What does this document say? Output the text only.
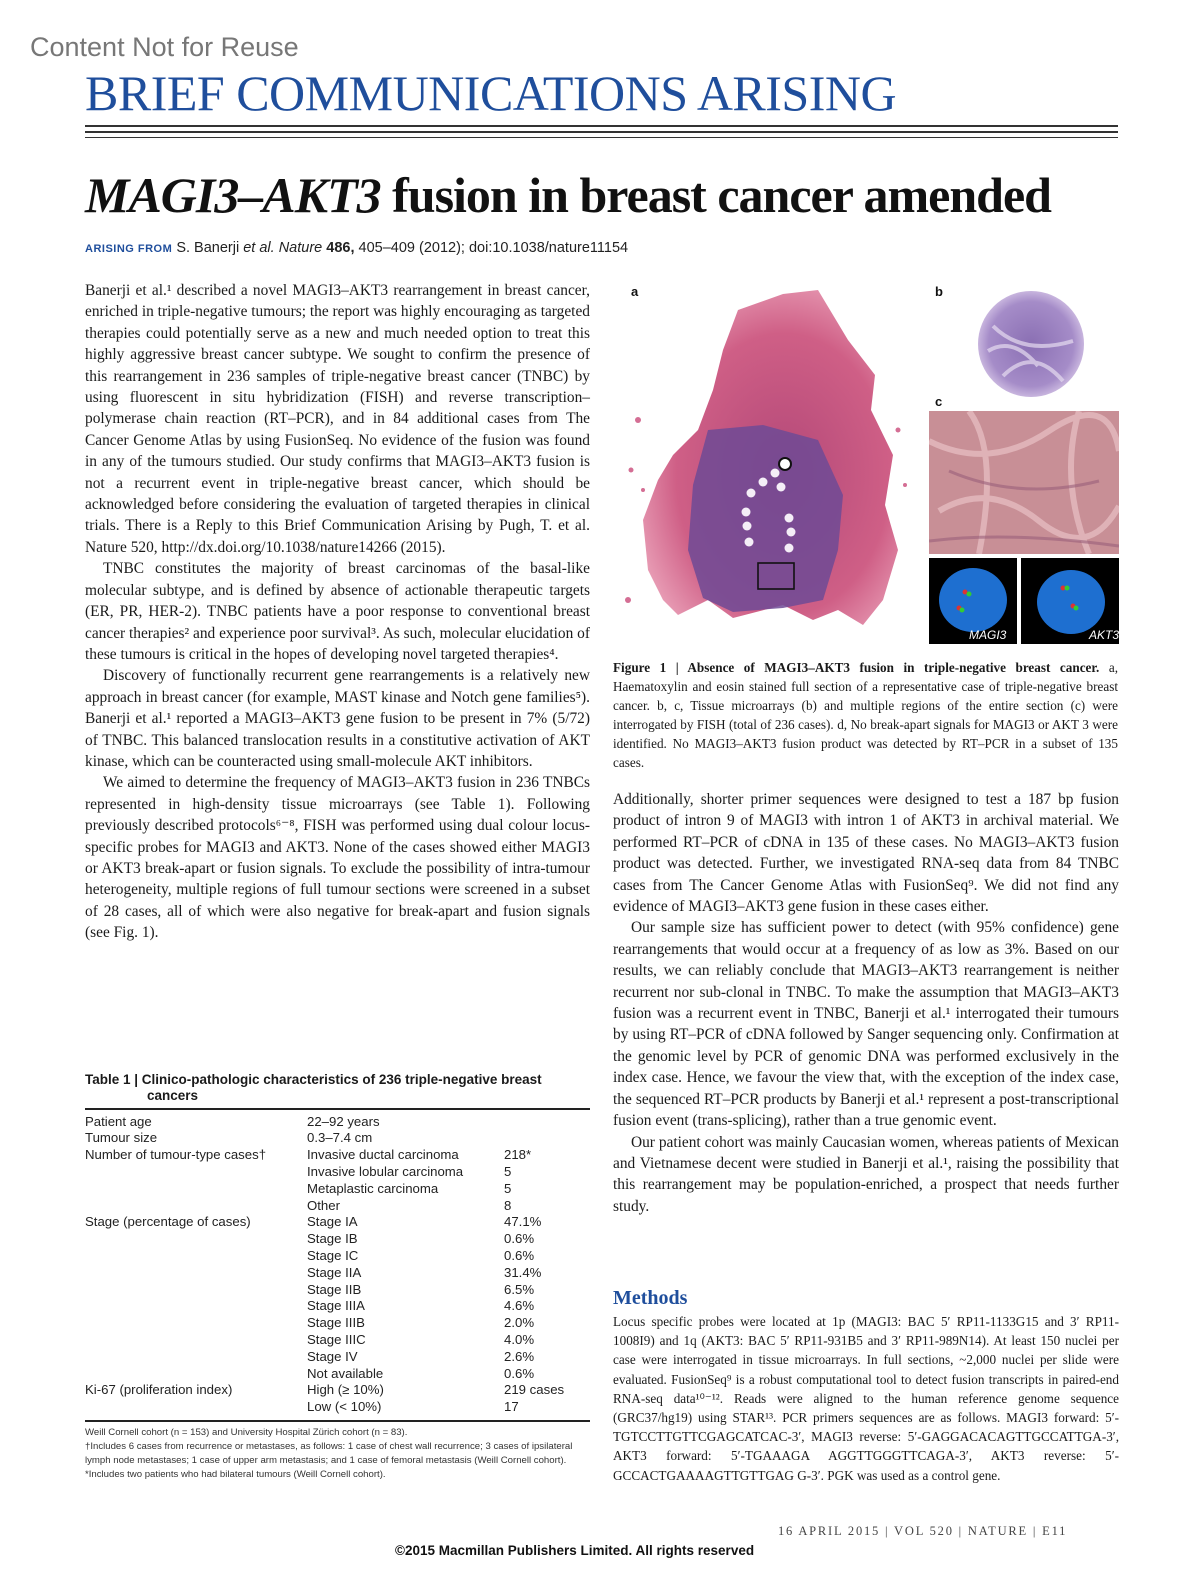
Content Not for Reuse
BRIEF COMMUNICATIONS ARISING
MAGI3–AKT3 fusion in breast cancer amended
ARISING FROM S. Banerji et al. Nature 486, 405–409 (2012); doi:10.1038/nature11154

Banerji et al.¹ described a novel MAGI3–AKT3 rearrangement in breast cancer, enriched in triple-negative tumours; the report was highly encouraging as targeted therapies could potentially serve as a new and much needed option to treat this highly aggressive breast cancer subtype. We sought to confirm the presence of this rearrangement in 236 samples of triple-negative breast cancer (TNBC) by using fluorescent in situ hybridization (FISH) and reverse transcription–polymerase chain reaction (RT–PCR), and in 84 additional cases from The Cancer Genome Atlas by using FusionSeq. No evidence of the fusion was found in any of the tumours studied. Our study confirms that MAGI3–AKT3 fusion is not a recurrent event in triple-negative breast cancer, which should be acknowledged before considering the evaluation of targeted therapies in clinical trials. There is a Reply to this Brief Communication Arising by Pugh, T. et al. Nature 520, http://dx.doi.org/10.1038/nature14266 (2015).

TNBC constitutes the majority of breast carcinomas of the basal-like molecular subtype, and is defined by absence of actionable therapeutic targets (ER, PR, HER-2). TNBC patients have a poor response to conventional breast cancer therapies² and experience poor survival³. As such, molecular elucidation of these tumours is critical in the hopes of developing novel targeted therapies⁴.

Discovery of functionally recurrent gene rearrangements is a relatively new approach in breast cancer (for example, MAST kinase and Notch gene families⁵). Banerji et al.¹ reported a MAGI3–AKT3 gene fusion to be present in 7% (5/72) of TNBC. This balanced translocation results in a constitutive activation of AKT kinase, which can be counteracted using small-molecule AKT inhibitors.

We aimed to determine the frequency of MAGI3–AKT3 fusion in 236 TNBCs represented in high-density tissue microarrays (see Table 1). Following previously described protocols⁶⁻⁸, FISH was performed using dual colour locus-specific probes for MAGI3 and AKT3. None of the cases showed either MAGI3 or AKT3 break-apart or fusion signals. To exclude the possibility of intra-tumour heterogeneity, multiple regions of full tumour sections were screened in a subset of 28 cases, all of which were also negative for break-apart and fusion signals (see Fig. 1).

a	b
c
MAGI3	AKT3
Figure 1 | Absence of MAGI3–AKT3 fusion in triple-negative breast cancer. a, Haematoxylin and eosin stained full section of a representative case of triple-negative breast cancer. b, c, Tissue microarrays (b) and multiple regions of the entire section (c) were interrogated by FISH (total of 236 cases). d, No break-apart signals for MAGI3 or AKT 3 were identified. No MAGI3–AKT3 fusion product was detected by RT–PCR in a subset of 135 cases.

Additionally, shorter primer sequences were designed to test a 187 bp fusion product of intron 9 of MAGI3 with intron 1 of AKT3 in archival material. We performed RT–PCR of cDNA in 135 of these cases. No MAGI3–AKT3 fusion product was detected. Further, we investigated RNA-seq data from 84 TNBC cases from The Cancer Genome Atlas with FusionSeq⁹. We did not find any evidence of MAGI3–AKT3 gene fusion in these cases either.

Our sample size has sufficient power to detect (with 95% confidence) gene rearrangements that would occur at a frequency of as low as 3%. Based on our results, we can reliably conclude that MAGI3–AKT3 rearrangement is neither recurrent nor sub-clonal in TNBC. To make the assumption that MAGI3–AKT3 fusion was a recurrent event in TNBC, Banerji et al.¹ interrogated their tumours by using RT–PCR of cDNA followed by Sanger sequencing only. Confirmation at the genomic level by PCR of genomic DNA was performed exclusively in the index case. Hence, we favour the view that, with the exception of the index case, the sequenced RT–PCR products by Banerji et al.¹ represent a post-transcriptional fusion event (trans-splicing), rather than a true genomic event.

Our patient cohort was mainly Caucasian women, whereas patients of Mexican and Vietnamese decent were studied in Banerji et al.¹, raising the possibility that this rearrangement may be population-enriched, a prospect that needs further study.

Methods
Locus specific probes were located at 1p (MAGI3: BAC 5′ RP11-1133G15 and 3′ RP11-1008I9) and 1q (AKT3: BAC 5′ RP11-931B5 and 3′ RP11-989N14). At least 150 nuclei per case were interrogated in tissue microarrays. In full sections, ~2,000 nuclei per slide were evaluated. FusionSeq⁹ is a robust computational tool to detect fusion transcripts in paired-end RNA-seq data¹⁰⁻¹². Reads were aligned to the human reference genome sequence (GRC37/hg19) using STAR¹³. PCR primers sequences are as follows. MAGI3 forward: 5′-TGTCCTTGTTCGAGCATCAC-3′, MAGI3 reverse: 5′-GAGGACACAGTTGCCATTGA-3′, AKT3 forward: 5′-TGAAAGA AGGTTGGGTTCAGA-3′, AKT3 reverse: 5′-GCCACTGAAAAGTTGTTGAG G-3′. PGK was used as a control gene.
Table 1 | Clinico-pathologic characteristics of 236 triple-negative breast
cancers
Patient age	22–92 years
Tumour size	0.3–7.4 cm
Number of tumour-type cases†	Invasive ductal carcinoma	218*
Invasive lobular carcinoma	5
Metaplastic carcinoma	5
Other	8
Stage (percentage of cases)	Stage IA	47.1%
Stage IB	0.6%
Stage IC	0.6%
Stage IIA	31.4%
Stage IIB	6.5%
Stage IIIA	4.6%
Stage IIIB	2.0%
Stage IIIC	4.0%
Stage IV	2.6%
Not available	0.6%
Ki-67 (proliferation index)	High (≥ 10%)	219 cases
Low (< 10%)	17
Weill Cornell cohort (n = 153) and University Hospital Zürich cohort (n = 83).
†Includes 6 cases from recurrence or metastases, as follows: 1 case of chest wall recurrence; 3 cases of ipsilateral lymph node metastases; 1 case of upper arm metastasis; and 1 case of femoral metastasis (Weill Cornell cohort).
*Includes two patients who had bilateral tumours (Weill Cornell cohort).
16 APRIL 2015 | VOL 520 | NATURE | E11
©2015 Macmillan Publishers Limited. All rights reserved
